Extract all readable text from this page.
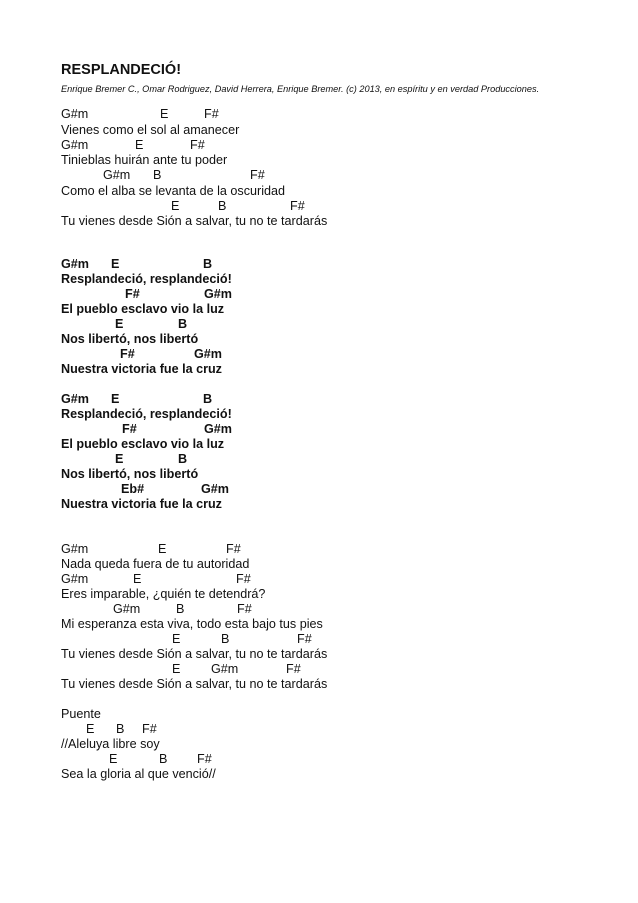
RESPLANDECIÓ!
Enrique Bremer C., Omar Rodriguez, David Herrera, Enrique Bremer. (c) 2013, en espíritu y en verdad Producciones.
G#m	E	F#
Vienes como el sol al amanecer
G#m	E	F#
Tinieblas huirán ante tu poder
G#m B	F#
Como el alba se levanta de la oscuridad
E	B	F#
Tu vienes desde Sión a salvar, tu no te tardarás
G#m E	B
Resplandeció, resplandeció!
F#	G#m
El pueblo esclavo vio la luz
E	B
Nos libertó, nos libertó
F#	G#m
Nuestra victoria fue la cruz
G#m E	B
Resplandeció, resplandeció!
F#	G#m
El pueblo esclavo vio la luz
E	B
Nos libertó, nos libertó
Eb#	G#m
Nuestra victoria fue la cruz
G#m	E	F#
Nada queda fuera de tu autoridad
G#m	E	F#
Eres imparable, ¿quién te detendrá?
G#m	B	F#
Mi esperanza esta viva, todo esta bajo tus pies
E	B	F#
Tu vienes desde Sión a salvar, tu no te tardarás
E G#m	F#
Tu vienes desde Sión a salvar, tu no te tardarás
Puente
E B F#
//Aleluya libre soy
E	B F#
Sea la gloria al que venció//
